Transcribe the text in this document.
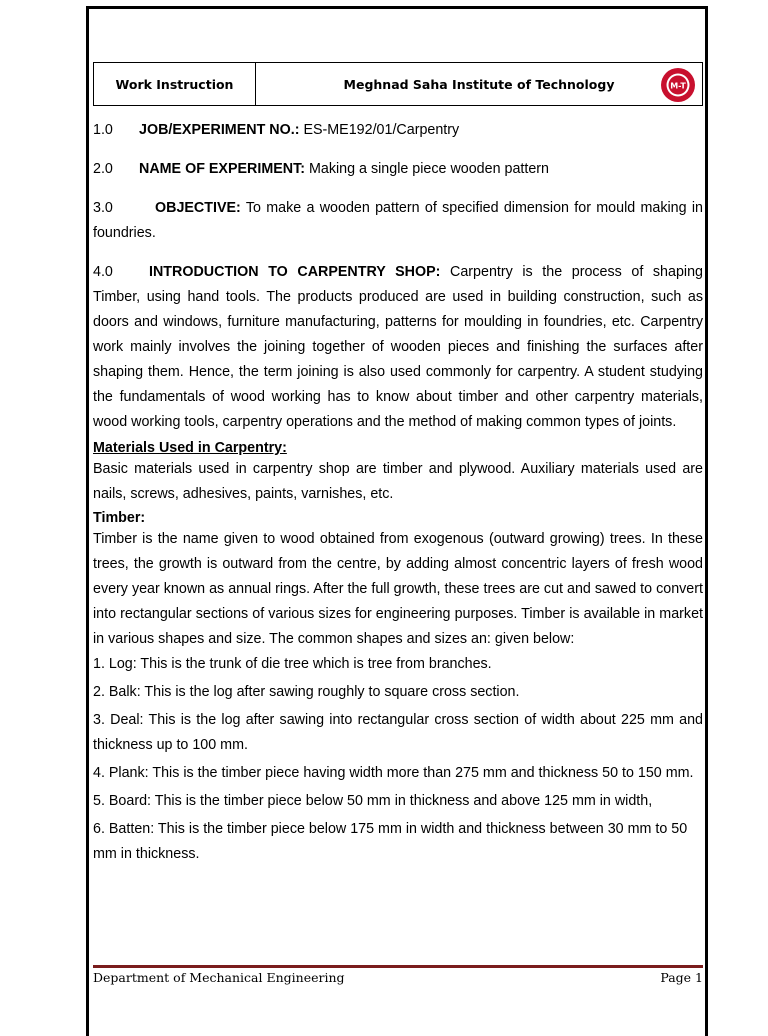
Work Instruction	Meghnad Saha Institute of Technology	M-T

1.0 JOB/EXPERIMENT NO.: ES-ME192/01/Carpentry

2.0 NAME OF EXPERIMENT: Making a single piece wooden pattern

3.0	OBJECTIVE: To make a wooden pattern of specified dimension for mould making in foundries.

4.0	INTRODUCTION TO CARPENTRY SHOP: Carpentry is the process of shaping Timber, using hand tools. The products produced are used in building construction, such as doors and windows, furniture manufacturing, patterns for moulding in foundries, etc. Carpentry work mainly involves the joining together of wooden pieces and finishing the surfaces after shaping them. Hence, the term joining is also used commonly for carpentry. A student studying the fundamentals of wood working has to know about timber and other carpentry materials, wood working tools, carpentry operations and the method of making common types of joints.

Materials Used in Carpentry:

Basic materials used in carpentry shop are timber and plywood. Auxiliary materials used are nails, screws, adhesives, paints, varnishes, etc.

Timber:

Timber is the name given to wood obtained from exogenous (outward growing) trees. In these trees, the growth is outward from the centre, by adding almost concentric layers of fresh wood every year known as annual rings. After the full growth, these trees are cut and sawed to convert into rectangular sections of various sizes for engineering purposes. Timber is available in market in various shapes and size. The common shapes and sizes an: given below:

1. Log: This is the trunk of die tree which is tree from branches.

2. Balk: This is the log after sawing roughly to square cross section.

3. Deal: This is the log after sawing into rectangular cross section of width about 225 mm and thickness up to 100 mm.

4. Plank: This is the timber piece having width more than 275 mm and thickness 50 to 150 mm.

5. Board: This is the timber piece below 50 mm in thickness and above 125 mm in width,

6. Batten: This is the timber piece below 175 mm in width and thickness between 30 mm to 50 mm in thickness.

Department of Mechanical Engineering	Page 1
